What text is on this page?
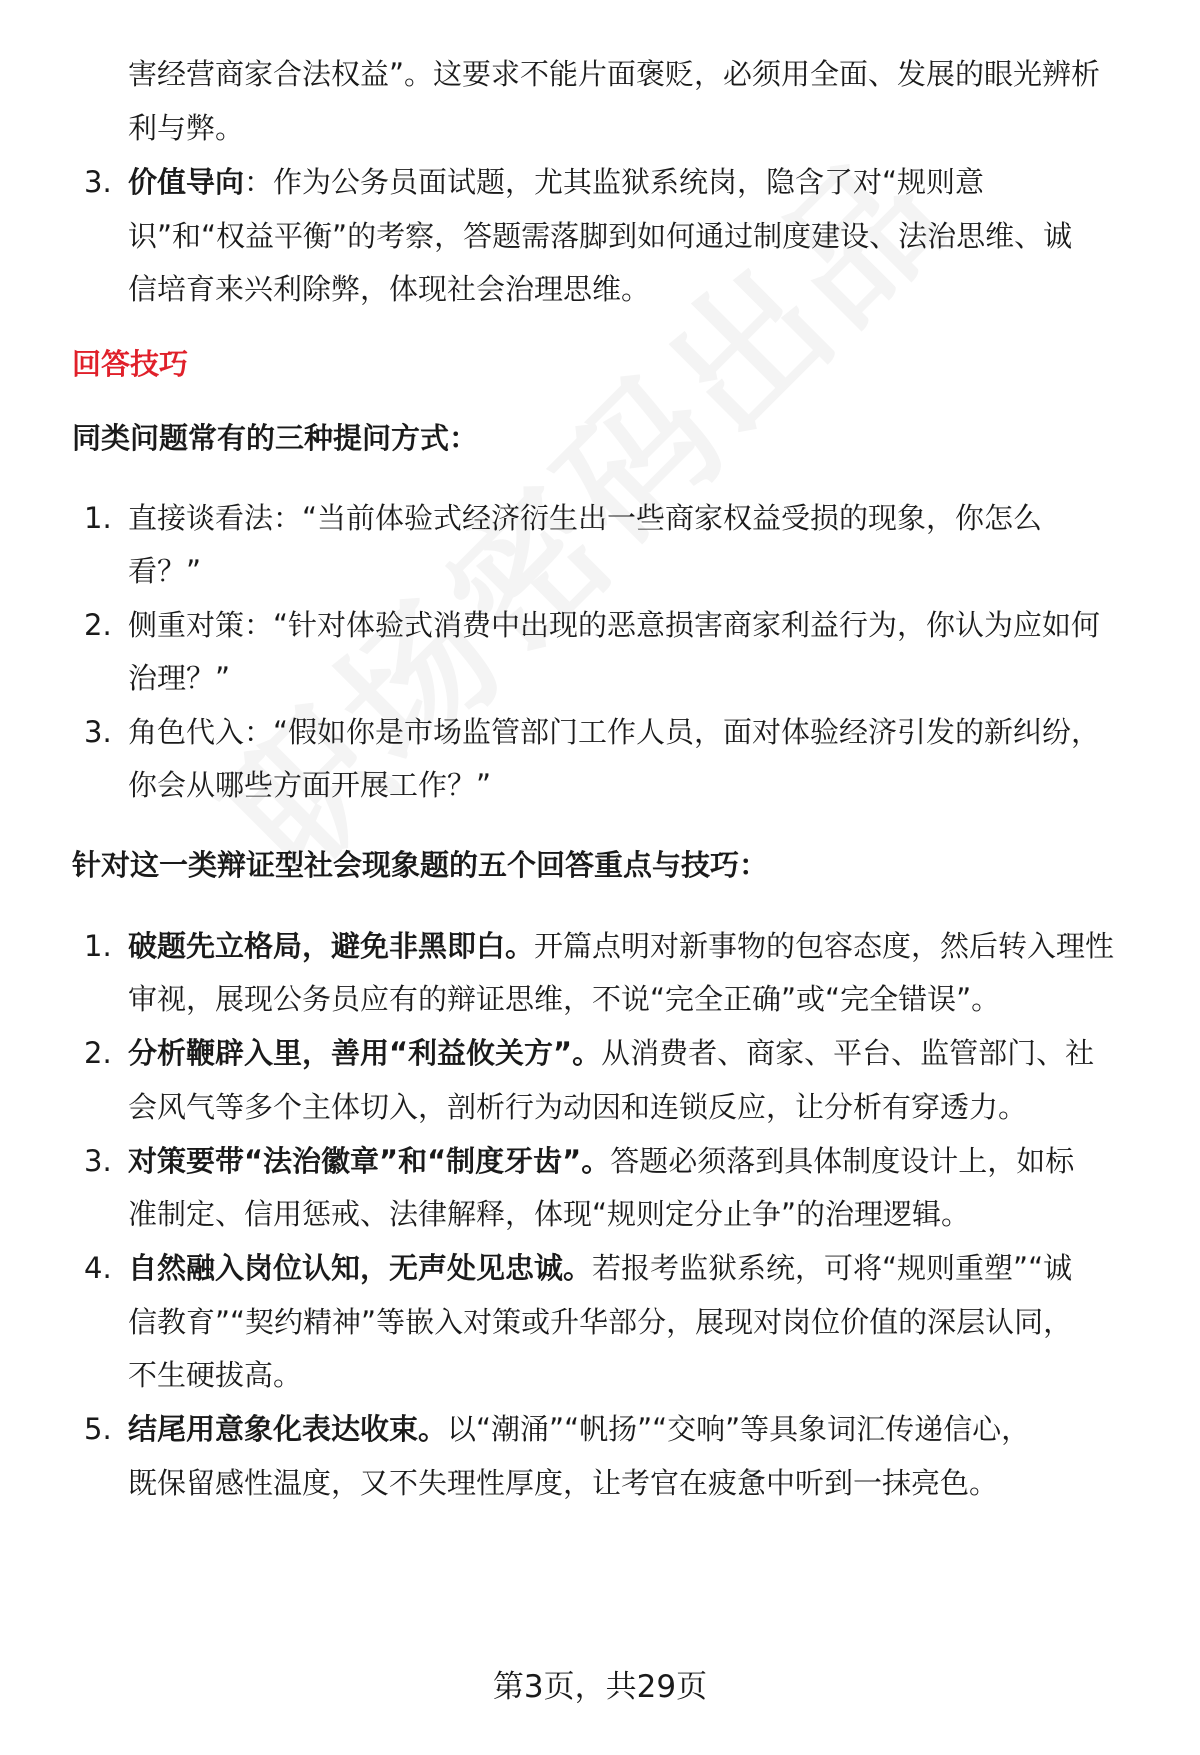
害经营商家合法权益”。这要求不能片面褒贬，必须用全面、发展的眼光辨析
利与弊。
3. 价值导向：作为公务员面试题，尤其监狱系统岗，隐含了对“规则意
识”和“权益平衡”的考察，答题需落脚到如何通过制度建设、法治思维、诚
信培育来兴利除弊，体现社会治理思维。
回答技巧
同类问题常有的三种提问方式：
1. 直接谈看法：“当前体验式经济衍生出一些商家权益受损的现象，你怎么
看？”
2. 侧重对策：“针对体验式消费中出现的恶意损害商家利益行为，你认为应如何
治理？”
3. 角色代入：“假如你是市场监管部门工作人员，面对体验经济引发的新纠纷，
你会从哪些方面开展工作？”
针对这一类辩证型社会现象题的五个回答重点与技巧：
1. 破题先立格局，避免非黑即白。开篇点明对新事物的包容态度，然后转入理性
审视，展现公务员应有的辩证思维，不说“完全正确”或“完全错误”。
2. 分析鞭辟入里，善用“利益攸关方”。从消费者、商家、平台、监管部门、社
会风气等多个主体切入，剖析行为动因和连锁反应，让分析有穿透力。
3. 对策要带“法治徽章”和“制度牙齿”。答题必须落到具体制度设计上，如标
准制定、信用惩戒、法律解释，体现“规则定分止争”的治理逻辑。
4. 自然融入岗位认知，无声处见忠诚。若报考监狱系统，可将“规则重塑”“诚
信教育”“契约精神”等嵌入对策或升华部分，展现对岗位价值的深层认同，
不生硬拔高。
5. 结尾用意象化表达收束。以“潮涌”“帆扬”“交响”等具象词汇传递信心，
既保留感性温度，又不失理性厚度，让考官在疲惫中听到一抹亮色。
第3页，共29页
